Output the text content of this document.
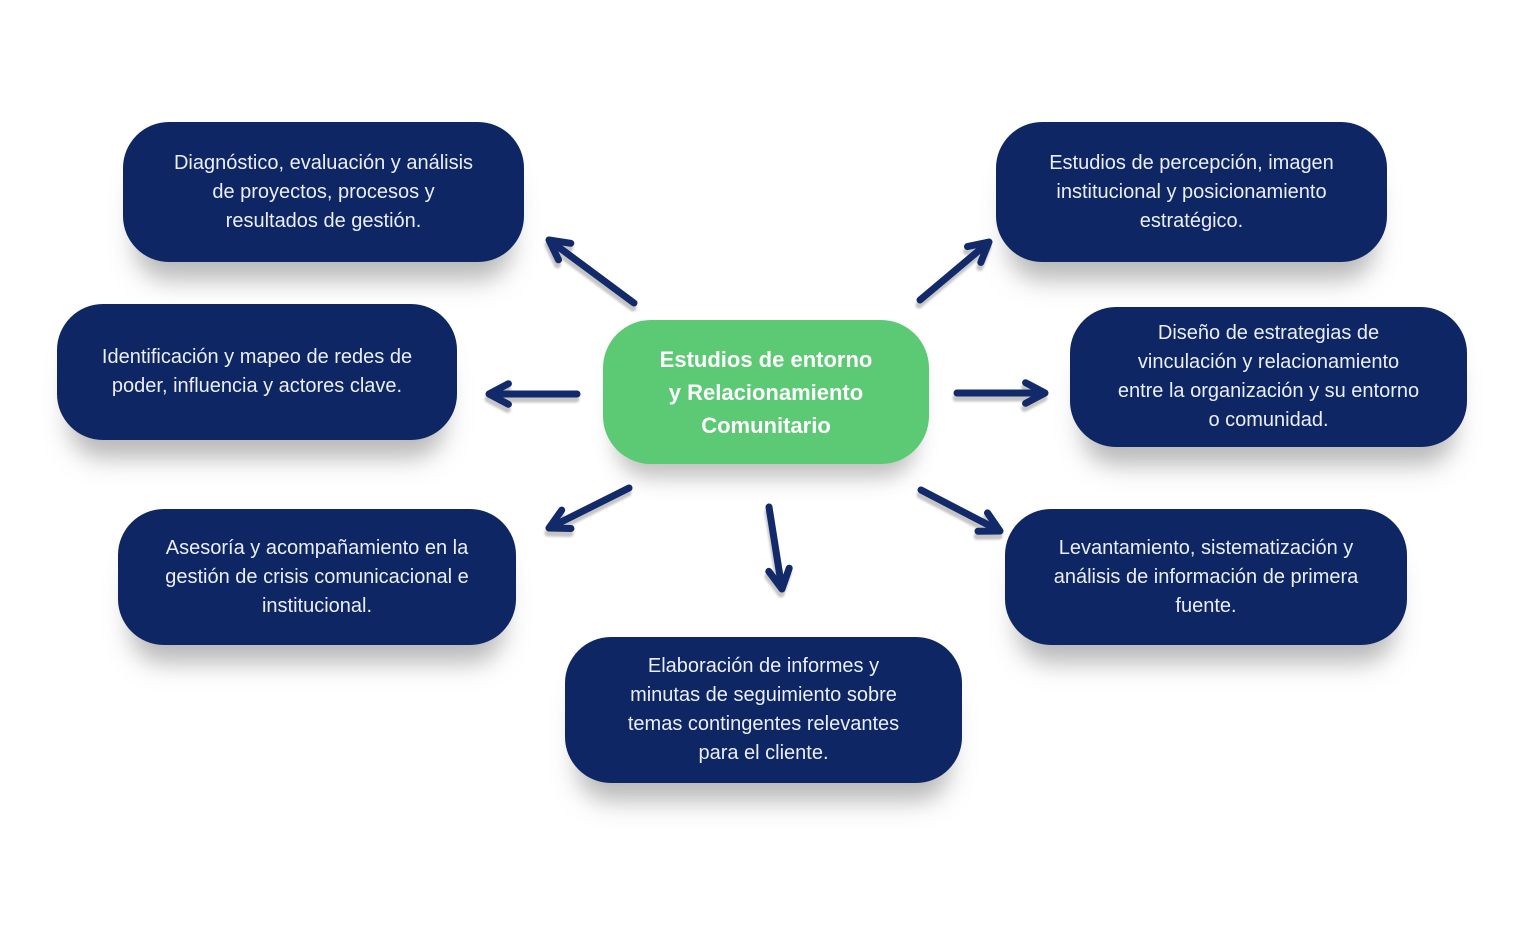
Diagnóstico, evaluación y análisis
de proyectos, procesos y
resultados de gestión.

Estudios de percepción, imagen
institucional y posicionamiento
estratégico.

Identificación y mapeo de redes de
poder, influencia y actores clave.

Diseño de estrategias de
vinculación y relacionamiento
entre la organización y su entorno
o comunidad.

Asesoría y acompañamiento en la
gestión de crisis comunicacional e
institucional.

Levantamiento, sistematización y
análisis de información de primera
fuente.

Elaboración de informes y
minutas de seguimiento sobre
temas contingentes relevantes
para el cliente.

Estudios de entorno
y Relacionamiento
Comunitario
